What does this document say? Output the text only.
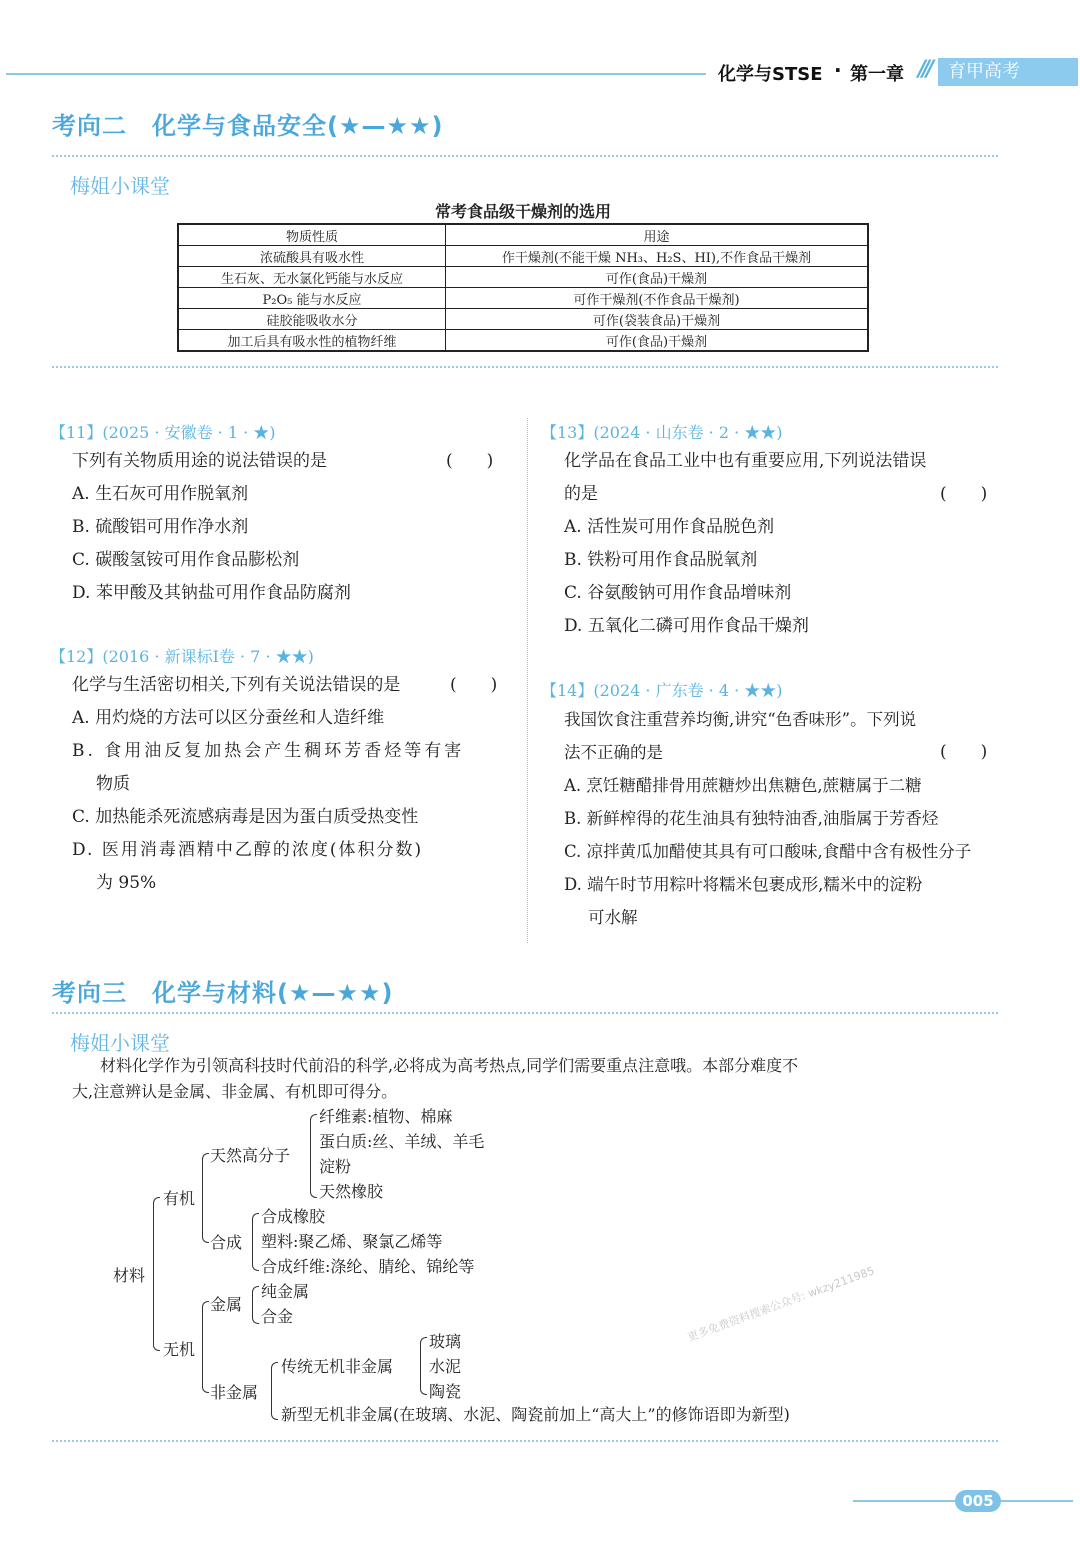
化学与STSE · 第一章 /// 育甲高考
考向二　化学与食品安全(★—★★)
梅姐小课堂
常考食品级干燥剂的选用
物质性质	用途
浓硫酸具有吸水性	作干燥剂(不能干燥 NH₃、H₂S、HI),不作食品干燥剂
生石灰、无水氯化钙能与水反应	可作(食品)干燥剂
P₂O₅ 能与水反应	可作干燥剂(不作食品干燥剂)
硅胶能吸收水分	可作(袋装食品)干燥剂
加工后具有吸水性的植物纤维	可作(食品)干燥剂
【11】(2025 · 安徽卷 · 1 · ★)
下列有关物质用途的说法错误的是
A. 生石灰可用作脱氧剂
B. 硫酸铝可用作净水剂
C. 碳酸氢铵可用作食品膨松剂
D. 苯甲酸及其钠盐可用作食品防腐剂
(　　)
【12】(2016 · 新课标Ⅰ卷 · 7 · ★★)
化学与生活密切相关,下列有关说法错误的是
A. 用灼烧的方法可以区分蚕丝和人造纤维
B. 食用油反复加热会产生稠环芳香烃等有害
物质
C. 加热能杀死流感病毒是因为蛋白质受热变性
D. 医用消毒酒精中乙醇的浓度(体积分数)
为 95%
(　　)
【13】(2024 · 山东卷 · 2 · ★★)
化学品在食品工业中也有重要应用,下列说法错误
的是
A. 活性炭可用作食品脱色剂
B. 铁粉可用作食品脱氧剂
C. 谷氨酸钠可用作食品增味剂
D. 五氧化二磷可用作食品干燥剂
(　　)
【14】(2024 · 广东卷 · 4 · ★★)
我国饮食注重营养均衡,讲究“色香味形”。下列说
法不正确的是
A. 烹饪糖醋排骨用蔗糖炒出焦糖色,蔗糖属于二糖
B. 新鲜榨得的花生油具有独特油香,油脂属于芳香烃
C. 凉拌黄瓜加醋使其具有可口酸味,食醋中含有极性分子
D. 端午时节用粽叶将糯米包裹成形,糯米中的淀粉
可水解
(　　)
考向三　化学与材料(★—★★)
梅姐小课堂
材料化学作为引领高科技时代前沿的科学,必将成为高考热点,同学们需要重点注意哦。本部分难度不
大,注意辨认是金属、非金属、有机即可得分。
材料
有机
天然高分子
纤维素:植物、棉麻
蛋白质:丝、羊绒、羊毛
淀粉
天然橡胶
合成
合成橡胶
塑料:聚乙烯、聚氯乙烯等
合成纤维:涤纶、腈纶、锦纶等
无机
金属
纯金属
合金
非金属
传统无机非金属
玻璃
水泥
陶瓷
新型无机非金属(在玻璃、水泥、陶瓷前加上“高大上”的修饰语即为新型)
更多免费资料搜索公众号: wkzy211985
005
